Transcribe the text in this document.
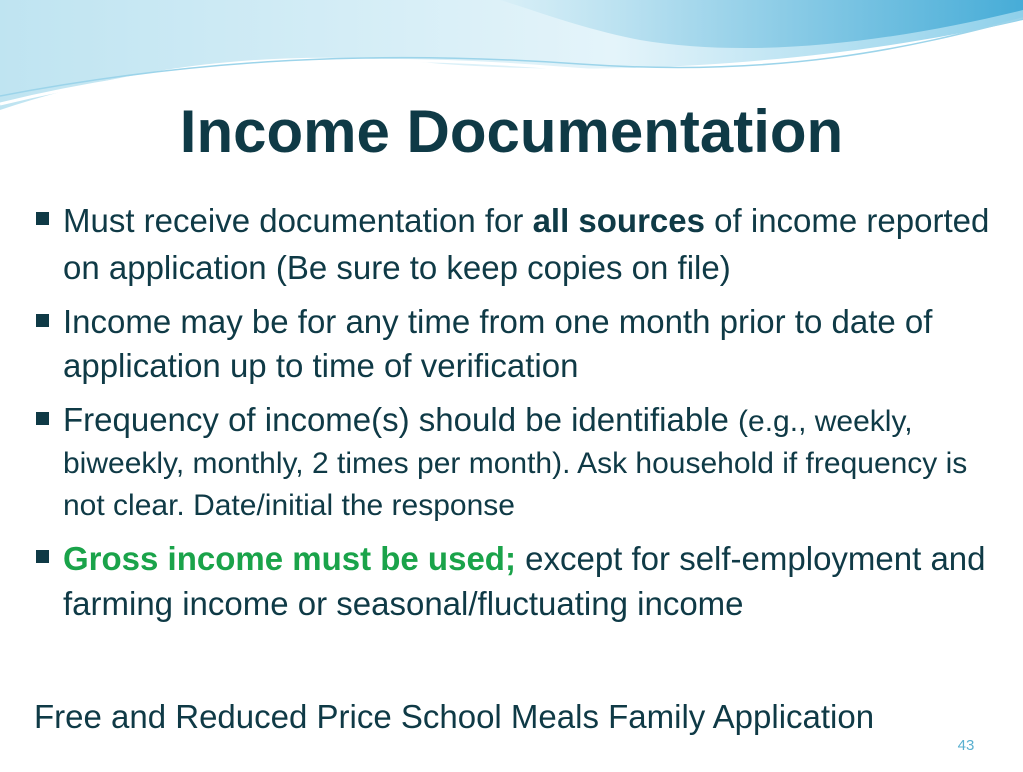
Income Documentation
Must receive documentation for all sources of income reported on application (Be sure to keep copies on file)
Income may be for any time from one month prior to date of application up to time of verification
Frequency of income(s) should be identifiable (e.g., weekly, biweekly, monthly, 2 times per month). Ask household if frequency is not clear. Date/initial the response
Gross income must be used; except for self-employment and farming income or seasonal/fluctuating income
Free and Reduced Price School Meals Family Application
43
